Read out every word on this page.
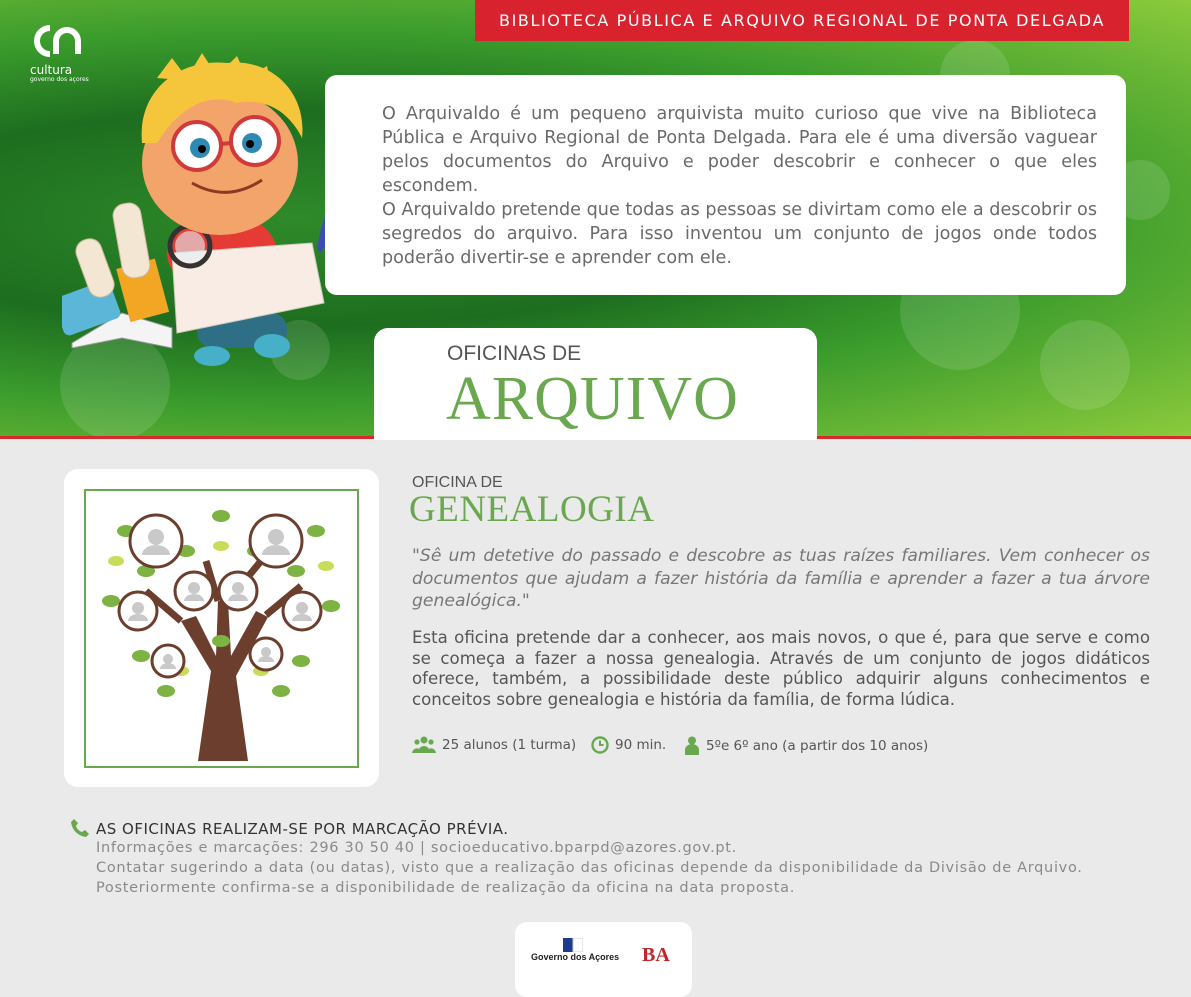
BIBLIOTECA PÚBLICA E ARQUIVO REGIONAL DE PONTA DELGADA
cultura
governo dos açores

O Arquivaldo é um pequeno arquivista muito curioso que vive na Biblioteca Pública e Arquivo Regional de Ponta Delgada. Para ele é uma diversão vaguear pelos documentos do Arquivo e poder descobrir e conhecer o que eles escondem.
O Arquivaldo pretende que todas as pessoas se divirtam como ele a descobrir os segredos do arquivo. Para isso inventou um conjunto de jogos onde todos poderão divertir-se e aprender com ele.

OFICINAS DE
ARQUIVO
OFICINA DE
GENEALOGIA

"Sê um detetive do passado e descobre as tuas raízes familiares. Vem conhecer os documentos que ajudam a fazer história da família e aprender a fazer a tua árvore genealógica."

Esta oficina pretende dar a conhecer, aos mais novos, o que é, para que serve e como se começa a fazer a nossa genealogia. Através de um conjunto de jogos didáticos oferece, também, a possibilidade deste público adquirir alguns conhecimentos e conceitos sobre genealogia e história da família, de forma lúdica.

25 alunos (1 turma)	90 min.	5ºe 6º ano (a partir dos 10 anos)
AS OFICINAS REALIZAM-SE POR MARCAÇÃO PRÉVIA.
Informações e marcações: 296 30 50 40 | socioeducativo.bparpd@azores.gov.pt.
Contatar sugerindo a data (ou datas), visto que a realização das oficinas depende da disponibilidade da Divisão de Arquivo.
Posteriormente confirma-se a disponibilidade de realização da oficina na data proposta.
Governo dos Açores BA
